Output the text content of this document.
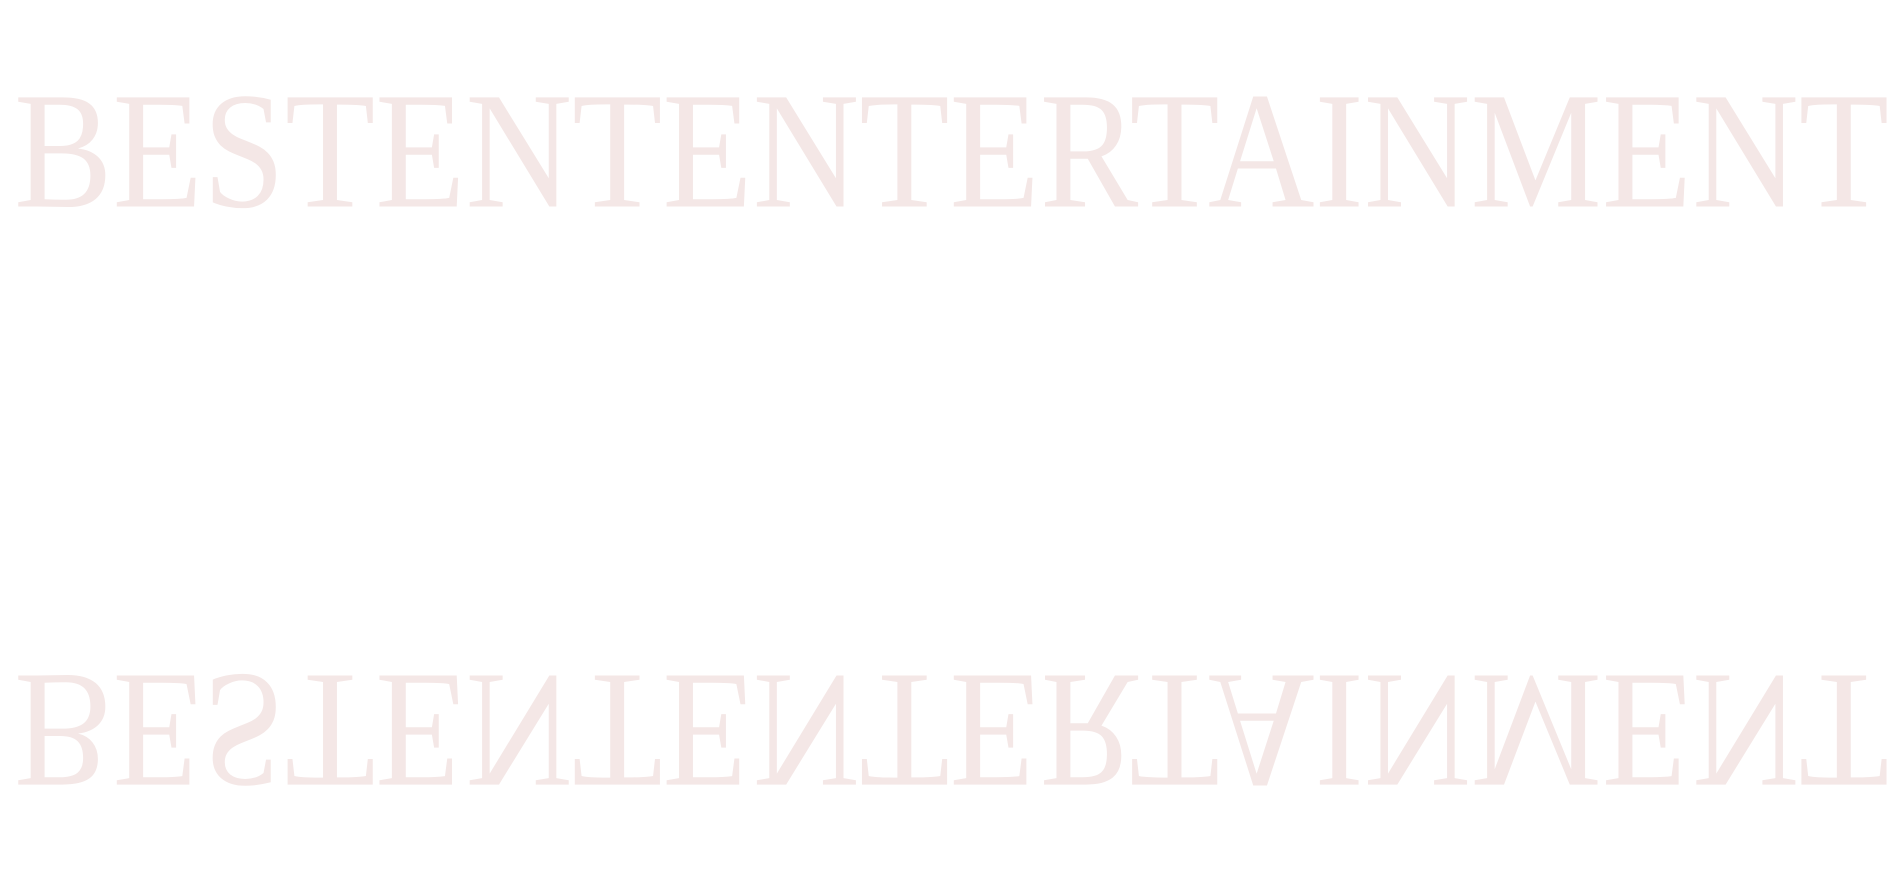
BESTENTENTERTAINMENT
BESTENTENTERTAINMENT
